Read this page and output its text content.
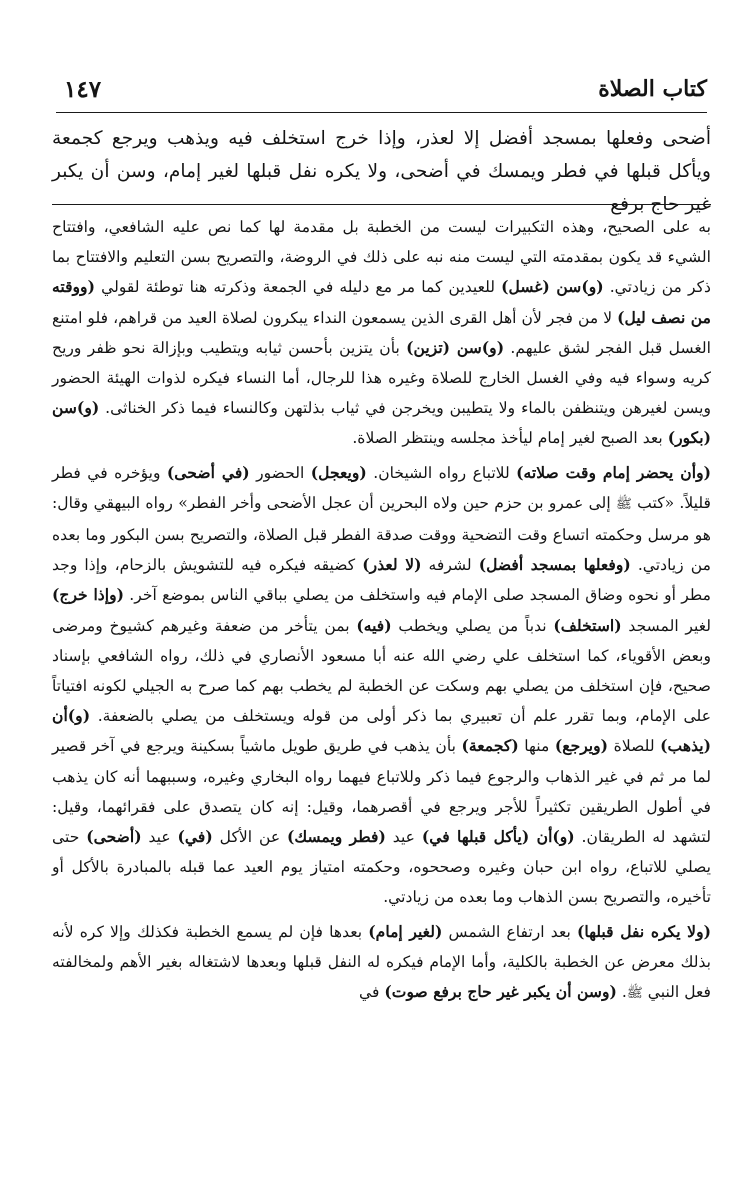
١٤٧	كتاب الصلاة
أضحى وفعلها بمسجد أفضل إلا لعذر، وإذا خرج استخلف فيه ويذهب ويرجع كجمعة ويأكل قبلها في فطر ويمسك في أضحى، ولا يكره نفل قبلها لغير إمام، وسن أن يكبر غير حاج برفع

به على الصحيح، وهذه التكبيرات ليست من الخطبة بل مقدمة لها كما نص عليه الشافعي، وافتتاح الشيء قد يكون بمقدمته التي ليست منه نبه على ذلك في الروضة، والتصريح بسن التعليم والافتتاح بما ذكر من زيادتي. (و)سن (غسل) للعيدين كما مر مع دليله في الجمعة وذكرته هنا توطئة لقولي (ووقته من نصف ليل) لا من فجر لأن أهل القرى الذين يسمعون النداء يبكرون لصلاة العيد من قراهم، فلو امتنع الغسل قبل الفجر لشق عليهم. (و)سن (تزين) بأن يتزين بأحسن ثيابه ويتطيب وبإزالة نحو ظفر وريح كريه وسواء فيه وفي الغسل الخارج للصلاة وغيره هذا للرجال، أما النساء فيكره لذوات الهيئة الحضور ويسن لغيرهن ويتنظفن بالماء ولا يتطيبن ويخرجن في ثياب بذلتهن وكالنساء فيما ذكر الخناثى. (و)سن (بكور) بعد الصبح لغير إمام ليأخذ مجلسه وينتظر الصلاة.

(وأن يحضر إمام وقت صلاته) للاتباع رواه الشيخان. (ويعجل) الحضور (في أضحى) ويؤخره في فطر قليلاً. «كتب ﷺ إلى عمرو بن حزم حين ولاه البحرين أن عجل الأضحى وأخر الفطر» رواه البيهقي وقال: هو مرسل وحكمته اتساع وقت التضحية ووقت صدقة الفطر قبل الصلاة، والتصريح بسن البكور وما بعده من زيادتي. (وفعلها بمسجد أفضل) لشرفه (لا لعذر) كضيقه فيكره فيه للتشويش بالزحام، وإذا وجد مطر أو نحوه وضاق المسجد صلى الإمام فيه واستخلف من يصلي بباقي الناس بموضع آخر. (وإذا خرج) لغير المسجد (استخلف) ندباً من يصلي ويخطب (فيه) بمن يتأخر من ضعفة وغيرهم كشيوخ ومرضى وبعض الأقوياء، كما استخلف علي رضي الله عنه أبا مسعود الأنصاري في ذلك، رواه الشافعي بإسناد صحيح، فإن استخلف من يصلي بهم وسكت عن الخطبة لم يخطب بهم كما صرح به الجيلي لكونه افتياتاً على الإمام، وبما تقرر علم أن تعبيري بما ذكر أولى من قوله ويستخلف من يصلي بالضعفة. (و)أن (يذهب) للصلاة (ويرجع) منها (كجمعة) بأن يذهب في طريق طويل ماشياً بسكينة ويرجع في آخر قصير لما مر ثم في غير الذهاب والرجوع فيما ذكر وللاتباع فيهما رواه البخاري وغيره، وسببهما أنه كان يذهب في أطول الطريقين تكثيراً للأجر ويرجع في أقصرهما، وقيل: إنه كان يتصدق على فقرائهما، وقيل: لتشهد له الطريقان. (و)أن (يأكل قبلها في) عيد (فطر ويمسك) عن الأكل (في) عيد (أضحى) حتى يصلي للاتباع، رواه ابن حبان وغيره وصححوه، وحكمته امتياز يوم العيد عما قبله بالمبادرة بالأكل أو تأخيره، والتصريح بسن الذهاب وما بعده من زيادتي.

(ولا يكره نفل قبلها) بعد ارتفاع الشمس (لغير إمام) بعدها فإن لم يسمع الخطبة فكذلك وإلا كره لأنه بذلك معرض عن الخطبة بالكلية، وأما الإمام فيكره له النفل قبلها وبعدها لاشتغاله بغير الأهم ولمخالفته فعل النبي ﷺ. (وسن أن يكبر غير حاج برفع صوت) في
